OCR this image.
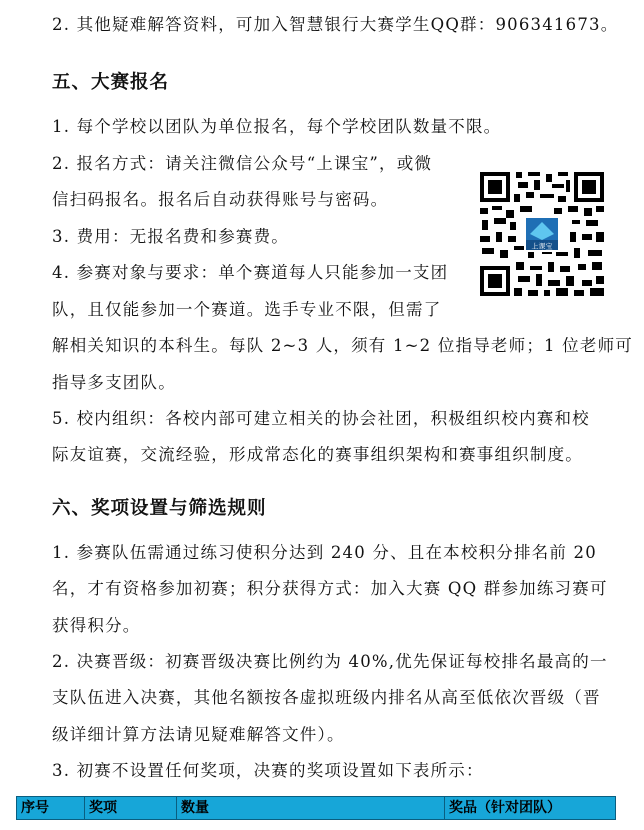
2. 其他疑难解答资料，可加入智慧银行大赛学生QQ群：906341673。
五、大赛报名
1. 每个学校以团队为单位报名，每个学校团队数量不限。
2. 报名方式：请关注微信公众号“上课宝”，或微
信扫码报名。报名后自动获得账号与密码。
3. 费用：无报名费和参赛费。
4. 参赛对象与要求：单个赛道每人只能参加一支团
队，且仅能参加一个赛道。选手专业不限，但需了
解相关知识的本科生。每队 2~3 人，须有 1~2 位指导老师；1 位老师可
指导多支团队。
5. 校内组织：各校内部可建立相关的协会社团，积极组织校内赛和校
际友谊赛，交流经验，形成常态化的赛事组织架构和赛事组织制度。
六、奖项设置与筛选规则
1. 参赛队伍需通过练习使积分达到 240 分、且在本校积分排名前 20
名，才有资格参加初赛；积分获得方式：加入大赛 QQ 群参加练习赛可
获得积分。
2. 决赛晋级：初赛晋级决赛比例约为 40%,优先保证每校排名最高的一
支队伍进入决赛，其他名额按各虚拟班级内排名从高至低依次晋级（晋
级详细计算方法请见疑难解答文件）。
3. 初赛不设置任何奖项，决赛的奖项设置如下表所示：
上课宝
序号	奖项	数量	奖品（针对团队）
